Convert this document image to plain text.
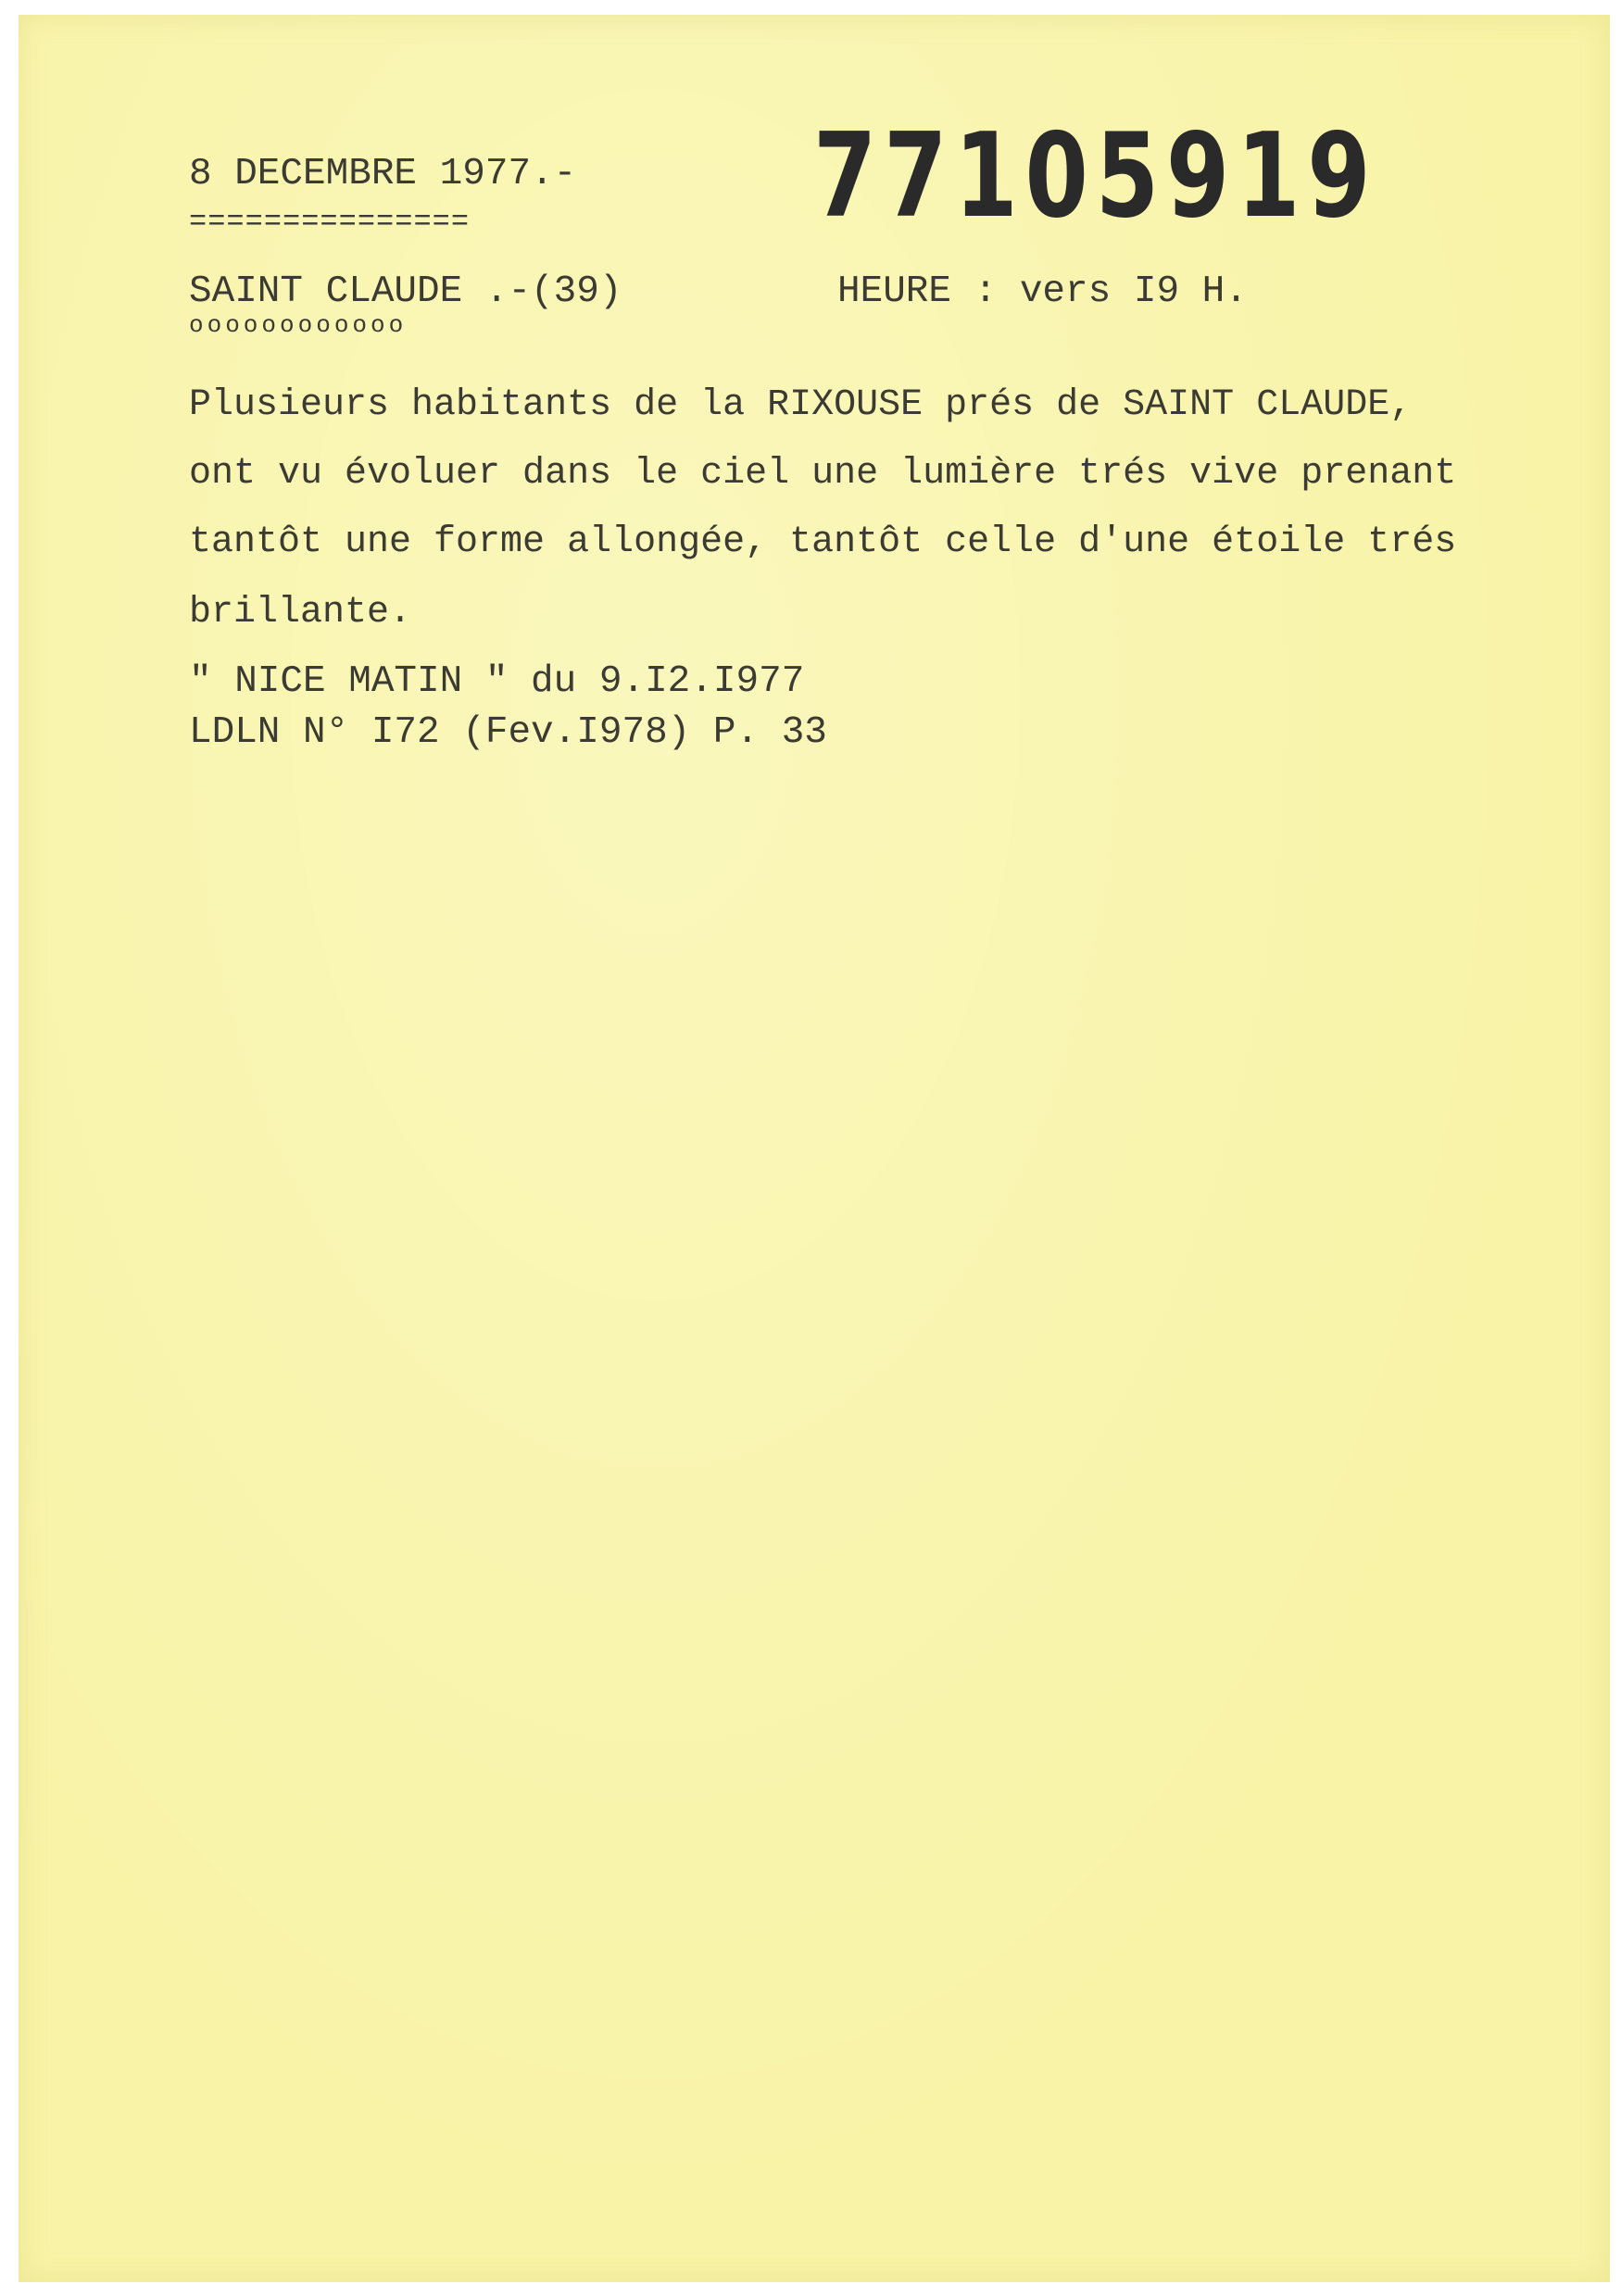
8 DECEMBRE 1977.-
===============	77105919
SAINT CLAUDE .-(39)
oooooooooooo
HEURE : vers I9 H.
Plusieurs habitants de la RIXOUSE prés de SAINT CLAUDE,
ont vu évoluer dans le ciel une lumière trés vive prenant
tantôt une forme allongée, tantôt celle d'une étoile trés
brillante.
" NICE MATIN " du 9.I2.I977
LDLN N° I72 (Fev.I978) P. 33
